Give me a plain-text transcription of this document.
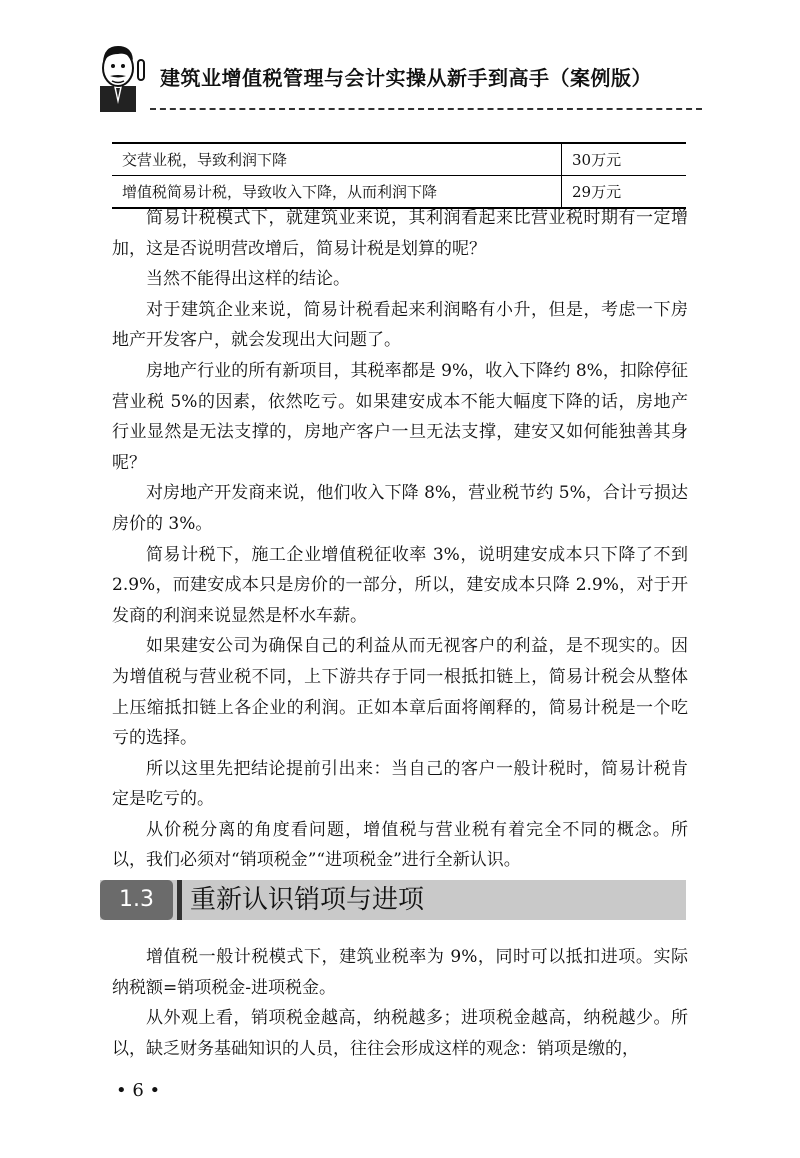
建筑业增值税管理与会计实操从新手到高手（案例版）
交营业税，导致利润下降	30万元
增值税简易计税，导致收入下降，从而利润下降	29万元

简易计税模式下，就建筑业来说，其利润看起来比营业税时期有一定增加，这是否说明营改增后，简易计税是划算的呢？

当然不能得出这样的结论。

对于建筑企业来说，简易计税看起来利润略有小升，但是，考虑一下房地产开发客户，就会发现出大问题了。

房地产行业的所有新项目，其税率都是 9%，收入下降约 8%，扣除停征营业税 5%的因素，依然吃亏。如果建安成本不能大幅度下降的话，房地产行业显然是无法支撑的，房地产客户一旦无法支撑，建安又如何能独善其身呢？

对房地产开发商来说，他们收入下降 8%，营业税节约 5%，合计亏损达房价的 3%。

简易计税下，施工企业增值税征收率 3%，说明建安成本只下降了不到 2.9%，而建安成本只是房价的一部分，所以，建安成本只降 2.9%，对于开发商的利润来说显然是杯水车薪。

如果建安公司为确保自己的利益从而无视客户的利益，是不现实的。因为增值税与营业税不同，上下游共存于同一根抵扣链上，简易计税会从整体上压缩抵扣链上各企业的利润。正如本章后面将阐释的，简易计税是一个吃亏的选择。

所以这里先把结论提前引出来：当自己的客户一般计税时，简易计税肯定是吃亏的。

从价税分离的角度看问题，增值税与营业税有着完全不同的概念。所以，我们必须对“销项税金”“进项税金”进行全新认识。

1.3	重新认识销项与进项

增值税一般计税模式下，建筑业税率为 9%，同时可以抵扣进项。实际纳税额=销项税金-进项税金。

从外观上看，销项税金越高，纳税越多；进项税金越高，纳税越少。所以，缺乏财务基础知识的人员，往往会形成这样的观念：销项是缴的，

• 6 •
